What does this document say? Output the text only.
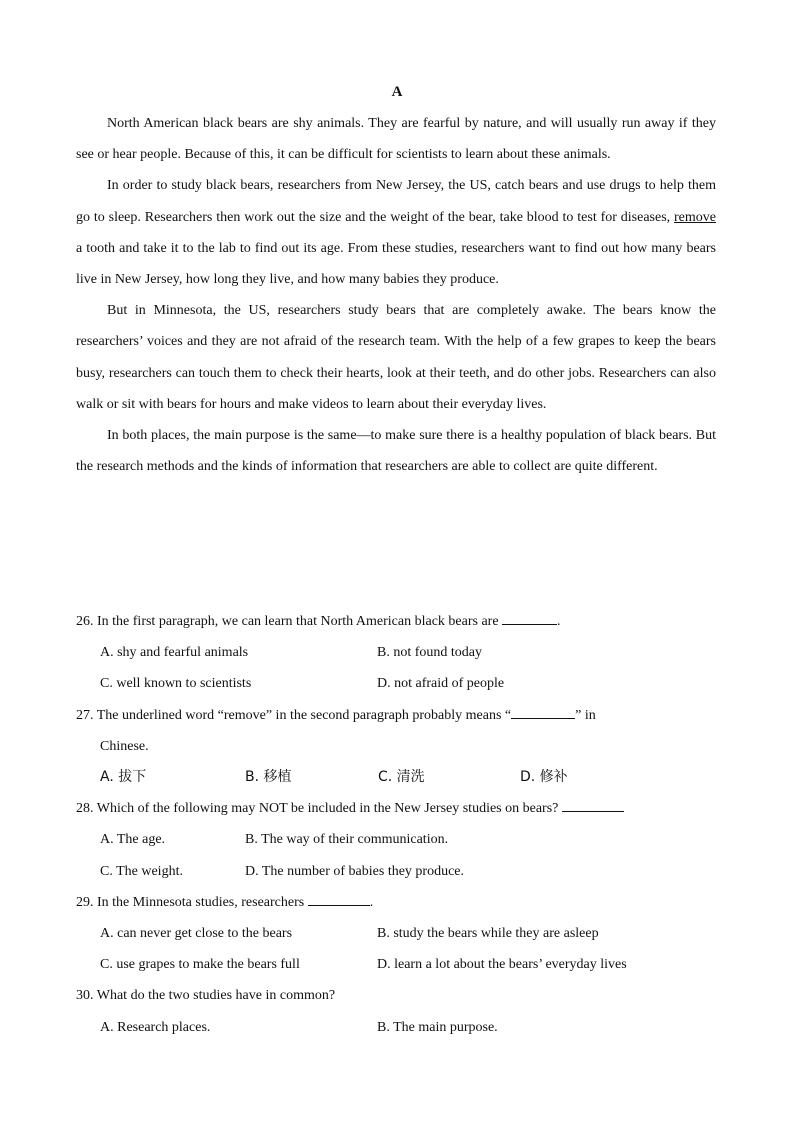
A

North American black bears are shy animals. They are fearful by nature, and will usually run away if they see or hear people. Because of this, it can be difficult for scientists to learn about these animals.

In order to study black bears, researchers from New Jersey, the US, catch bears and use drugs to help them go to sleep. Researchers then work out the size and the weight of the bear, take blood to test for diseases, remove a tooth and take it to the lab to find out its age. From these studies, researchers want to find out how many bears live in New Jersey, how long they live, and how many babies they produce.

But in Minnesota, the US, researchers study bears that are completely awake. The bears know the researchers’ voices and they are not afraid of the research team. With the help of a few grapes to keep the bears busy, researchers can touch them to check their hearts, look at their teeth, and do other jobs. Researchers can also walk or sit with bears for hours and make videos to learn about their everyday lives.

In both places, the main purpose is the same—to make sure there is a healthy population of black bears. But the research methods and the kinds of information that researchers are able to collect are quite different.

26. In the first paragraph, we can learn that North American black bears are	.
A. shy and fearful animals	B. not found today
C. well known to scientists	D. not afraid of people
27. The underlined word “remove” in the second paragraph probably means “	” in
Chinese.
A. 拔下	B. 移植	C. 清洗	D. 修补
28. Which of the following may NOT be included in the New Jersey studies on bears?
A. The age.	B. The way of their communication.
C. The weight.	D. The number of babies they produce.
29. In the Minnesota studies, researchers	.
A. can never get close to the bears	B. study the bears while they are asleep
C. use grapes to make the bears full	D. learn a lot about the bears’ everyday lives
30. What do the two studies have in common?
A. Research places.	B. The main purpose.
